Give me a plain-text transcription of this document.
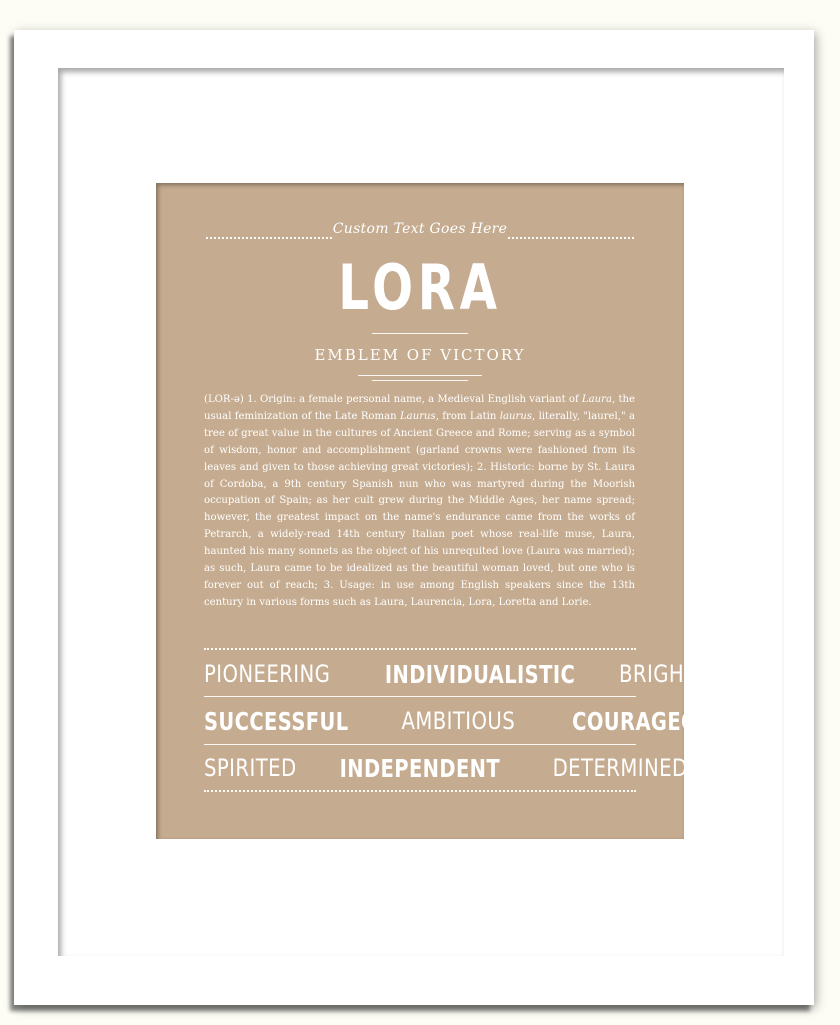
Custom Text Goes Here
LORA
EMBLEM OF VICTORY
(LOR-ə) 1. Origin: a female personal name, a Medieval English variant of Laura, the usual feminization of the Late Roman Laurus, from Latin laurus, literally, "laurel," a tree of great value in the cultures of Ancient Greece and Rome; serving as a symbol of wisdom, honor and accomplishment (garland crowns were fashioned from its leaves and given to those achieving great victories); 2. Historic: borne by St. Laura of Cordoba, a 9th century Spanish nun who was martyred during the Moorish occupation of Spain; as her cult grew during the Middle Ages, her name spread; however, the greatest impact on the name's endurance came from the works of Petrarch, a widely-read 14th century Italian poet whose real-life muse, Laura, haunted his many sonnets as the object of his unrequited love (Laura was married); as such, Laura came to be idealized as the beautiful woman loved, but one who is forever out of reach; 3. Usage: in use among English speakers since the 13th century in various forms such as Laura, Laurencia, Lora, Loretta and Lorie.
PIONEERING INDIVIDUALISTIC BRIGHT
SUCCESSFUL AMBITIOUS COURAGEOUS
SPIRITED INDEPENDENT DETERMINED
